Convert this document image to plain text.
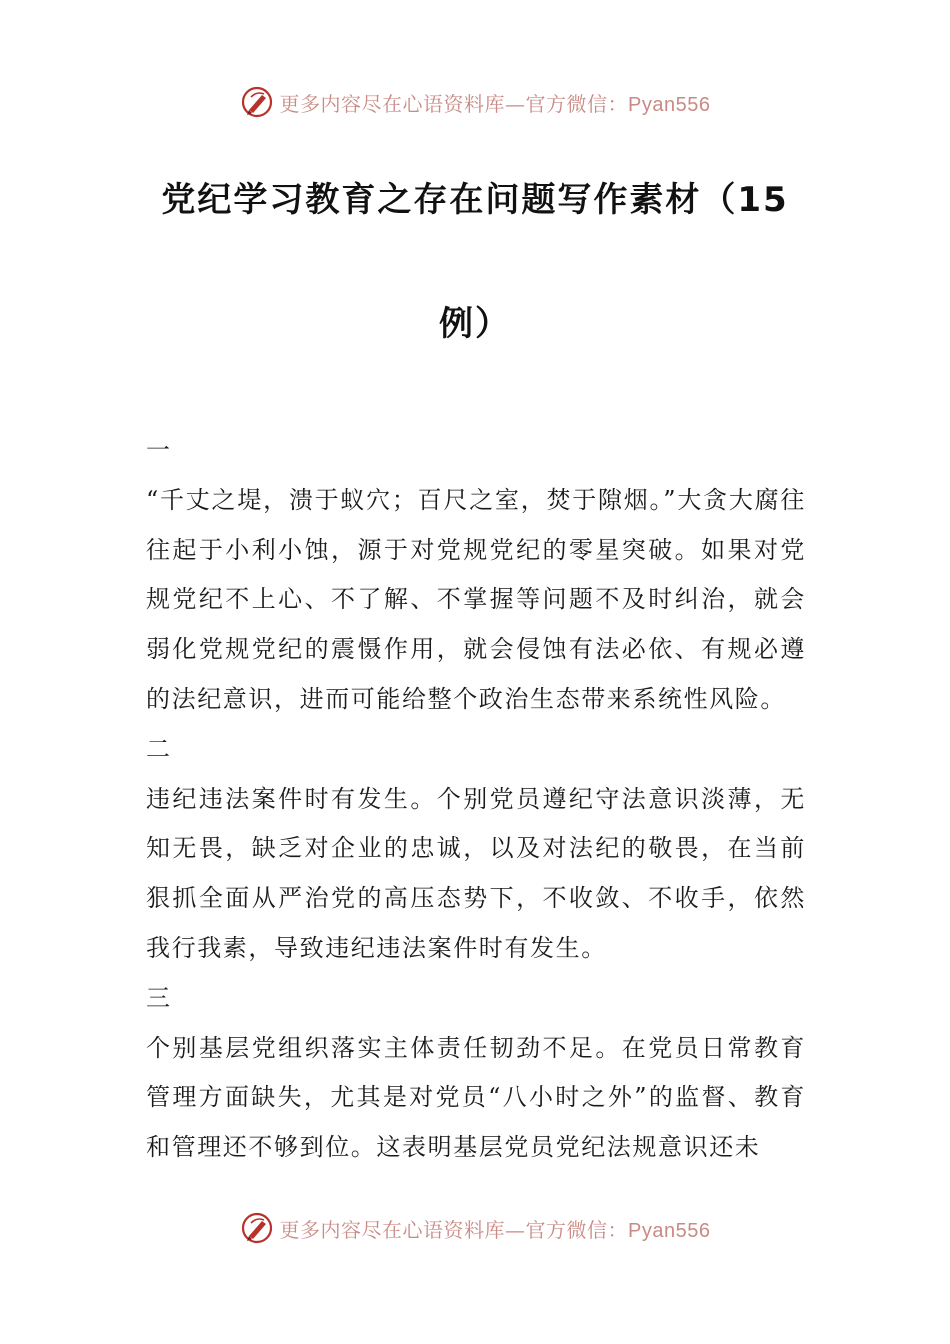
更多内容尽在心语资料库—官方微信：Pyan556
党纪学习教育之存在问题写作素材（15
例）
一
“千丈之堤，溃于蚁穴；百尺之室，焚于隙烟。”大贪大腐往往起于小利小蚀，源于对党规党纪的零星突破。如果对党规党纪不上心、不了解、不掌握等问题不及时纠治，就会弱化党规党纪的震慑作用，就会侵蚀有法必依、有规必遵的法纪意识，进而可能给整个政治生态带来系统性风险。
二
违纪违法案件时有发生。个别党员遵纪守法意识淡薄，无知无畏，缺乏对企业的忠诚，以及对法纪的敬畏，在当前狠抓全面从严治党的高压态势下，不收敛、不收手，依然我行我素，导致违纪违法案件时有发生。
三
个别基层党组织落实主体责任韧劲不足。在党员日常教育管理方面缺失，尤其是对党员“八小时之外”的监督、教育和管理还不够到位。这表明基层党员党纪法规意识还未
更多内容尽在心语资料库—官方微信：Pyan556
